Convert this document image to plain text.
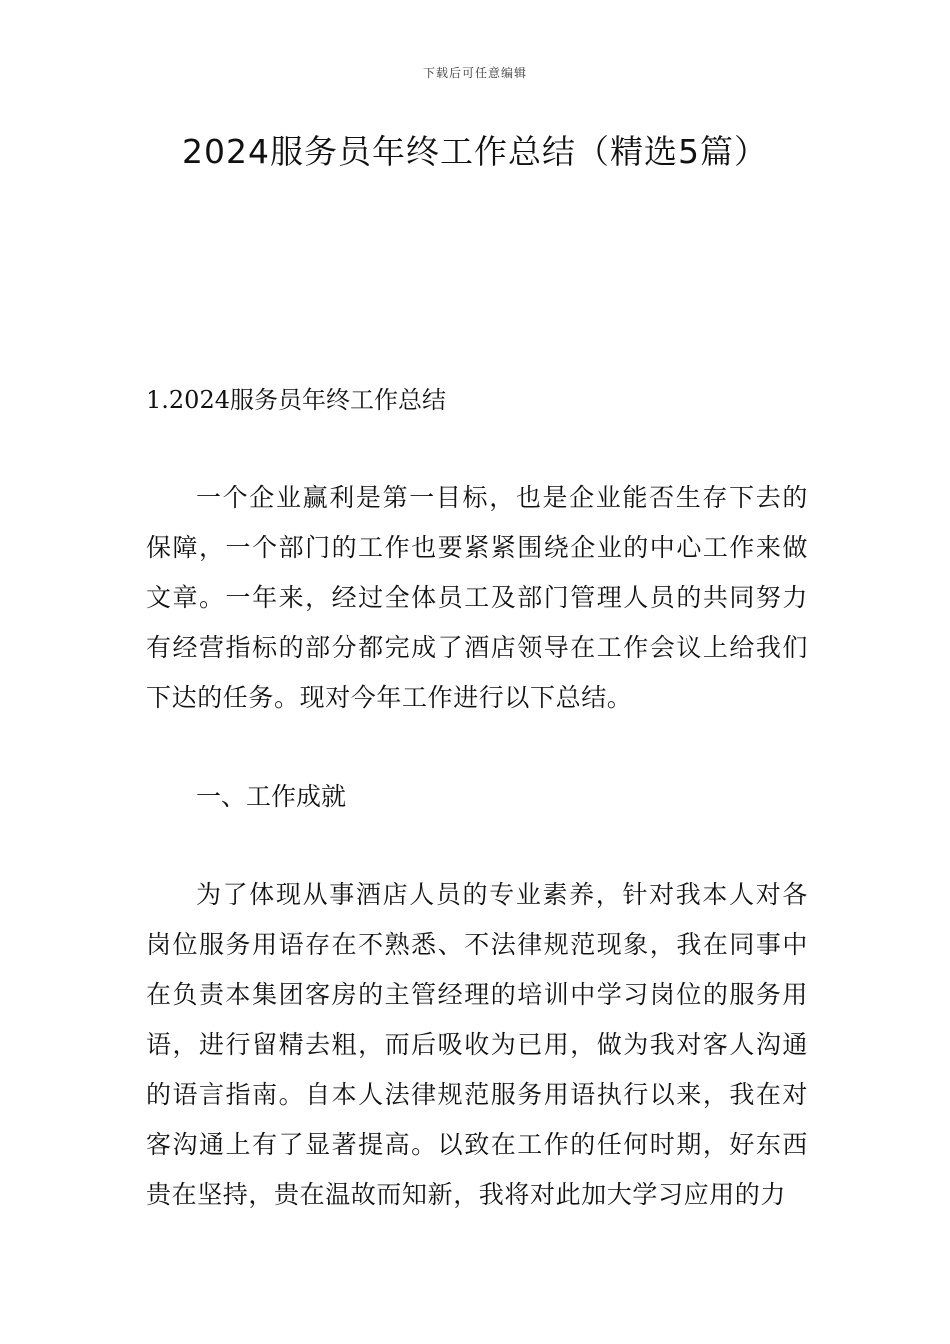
下载后可任意编辑
2024服务员年终工作总结（精选5篇）
1.2024服务员年终工作总结

一个企业赢利是第一目标，也是企业能否生存下去的保障，一个部门的工作也要紧紧围绕企业的中心工作来做文章。一年来，经过全体员工及部门管理人员的共同努力有经营指标的部分都完成了酒店领导在工作会议上给我们下达的任务。现对今年工作进行以下总结。

一、工作成就

为了体现从事酒店人员的专业素养，针对我本人对各岗位服务用语存在不熟悉、不法律规范现象，我在同事中在负责本集团客房的主管经理的培训中学习岗位的服务用语，进行留精去粗，而后吸收为已用，做为我对客人沟通的语言指南。自本人法律规范服务用语执行以来，我在对客沟通上有了显著提高。以致在工作的任何时期，好东西贵在坚持，贵在温故而知新，我将对此加大学习应用的力
